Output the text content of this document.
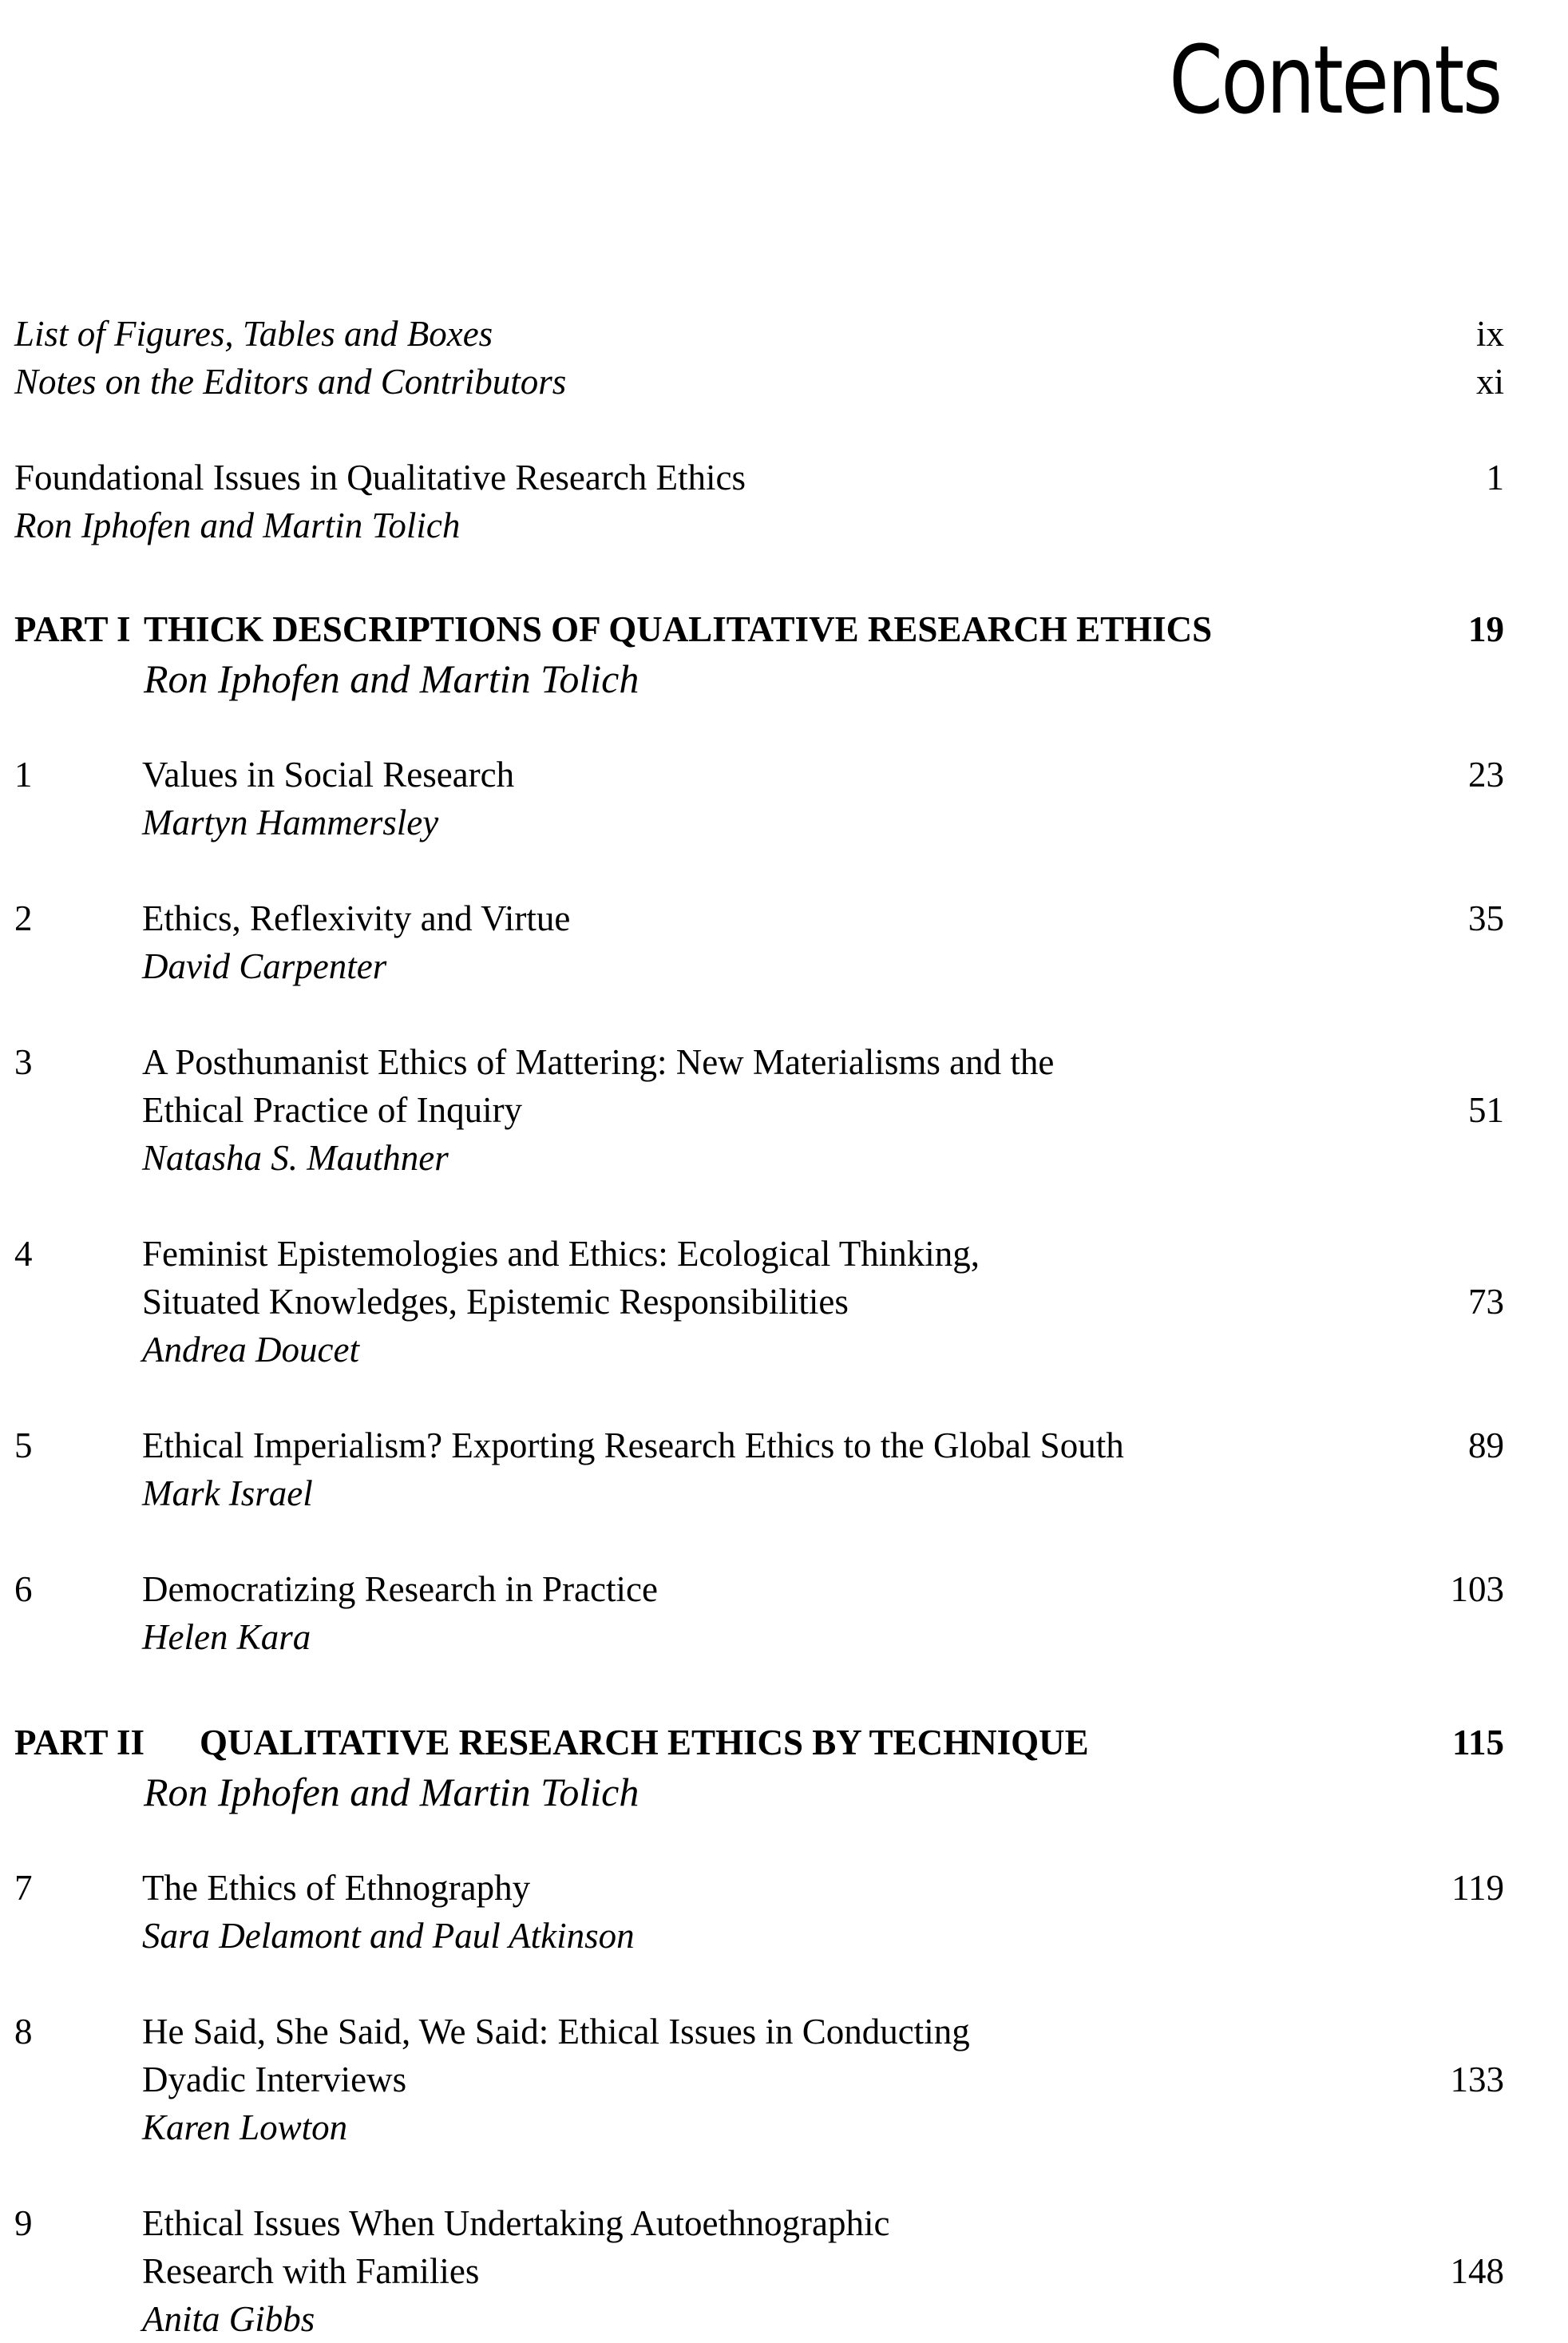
Contents
List of Figures, Tables and Boxes	ix
Notes on the Editors and Contributors	xi
Foundational Issues in Qualitative Research Ethics	1
Ron Iphofen and Martin Tolich
PART I THICK DESCRIPTIONS OF QUALITATIVE RESEARCH ETHICS	19
Ron Iphofen and Martin Tolich
1	Values in Social Research	23
Martyn Hammersley
2	Ethics, Reflexivity and Virtue	35
David Carpenter
3	A Posthumanist Ethics of Mattering: New Materialisms and the
Ethical Practice of Inquiry	51
Natasha S. Mauthner
4	Feminist Epistemologies and Ethics: Ecological Thinking,
Situated Knowledges, Epistemic Responsibilities	73
Andrea Doucet
5	Ethical Imperialism? Exporting Research Ethics to the Global South	89
Mark Israel
6	Democratizing Research in Practice	103
Helen Kara
PART II	QUALITATIVE RESEARCH ETHICS BY TECHNIQUE	115
Ron Iphofen and Martin Tolich
7	The Ethics of Ethnography	119
Sara Delamont and Paul Atkinson
8	He Said, She Said, We Said: Ethical Issues in Conducting
Dyadic Interviews	133
Karen Lowton
9	Ethical Issues When Undertaking Autoethnographic
Research with Families	148
Anita Gibbs
